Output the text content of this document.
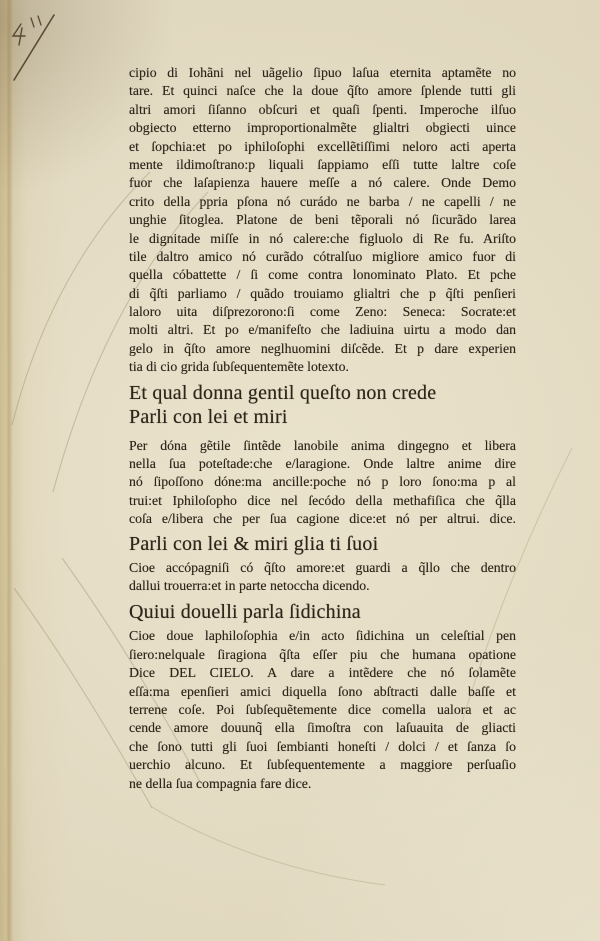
cipio di Iohãni nel uãgelio ſipuo laſua eternita aptamẽte no
tare. Et quinci naſce che la doue q̃ſto amore ſplende tutti gli
altri amori ſiſanno obſcuri et quaſi ſpenti. Imperoche ilſuo
obgiecto etterno improportionalmẽte glialtri obgiecti uince
et ſopchia:et po iphiloſophi excellẽtiſſimi neloro acti aperta
mente ildimoſtrano:p liquali ſappiamo eſſi tutte laltre coſe
fuor che laſapienza hauere meſſe a nó calere. Onde Demo
crito della ppria pſona nó curádo ne barba / ne capelli / ne
unghie ſitoglea. Platone de beni tẽporali nó ſicurãdo larea
le dignitade miſſe in nó calere:che figluolo di Re fu. Ariſto
tile daltro amico nó curãdo cótralſuo migliore amico fuor di
quella cóbattette / ſi come contra lonominato Plato. Et pche
di q̃ſti parliamo / quãdo trouiamo glialtri che p q̃ſti penſieri
laloro uita diſprezorono:ſi come Zeno: Seneca: Socrate:et
molti altri. Et po e/manifeſto che ladiuina uirtu a modo dan
gelo in q̃ſto amore neglhuomini diſcẽde. Et p dare experien
tia di cio grida ſubſequentemẽte lotexto.
Et qual donna gentil queſto non crede
Parli con lei et miri
Per dóna gẽtile ſintẽde lanobile anima dingegno et libera
nella ſua poteſtade:che e/laragione. Onde laltre anime dire
nó ſipoſſono dóne:ma ancille:poche nó p loro ſono:ma p al
trui:et Iphiloſopho dice nel ſecódo della methafiſica che q̃lla
coſa e/libera che per ſua cagione dice:et nó per altrui. dice.
Parli con lei & miri glia ti ſuoi
Cioe accópagniſi có q̃ſto amore:et guardi a q̃llo che dentro
dallui trouerra:et in parte netoccha dicendo.
Quiui douelli parla ſidichina
Cioe doue laphiloſophia e/in acto ſidichina un celeſtial pen
ſiero:nelquale ſiragiona q̃ſta eſſer piu che humana opatione
Dice DEL CIELO. A dare a intẽdere che nó ſolamẽte
eſſa:ma epenſieri amici diquella ſono abſtracti dalle baſſe et
terrene coſe. Poi ſubſequẽtemente dice comella ualora et ac
cende amore douunq̃ ella ſimoſtra con laſuauita de gliacti
che ſono tutti gli ſuoi ſembianti honeſti / dolci / et ſanza ſo
uerchio alcuno. Et ſubſequentemente a maggiore perſuaſio
ne della ſua compagnia fare dice.
